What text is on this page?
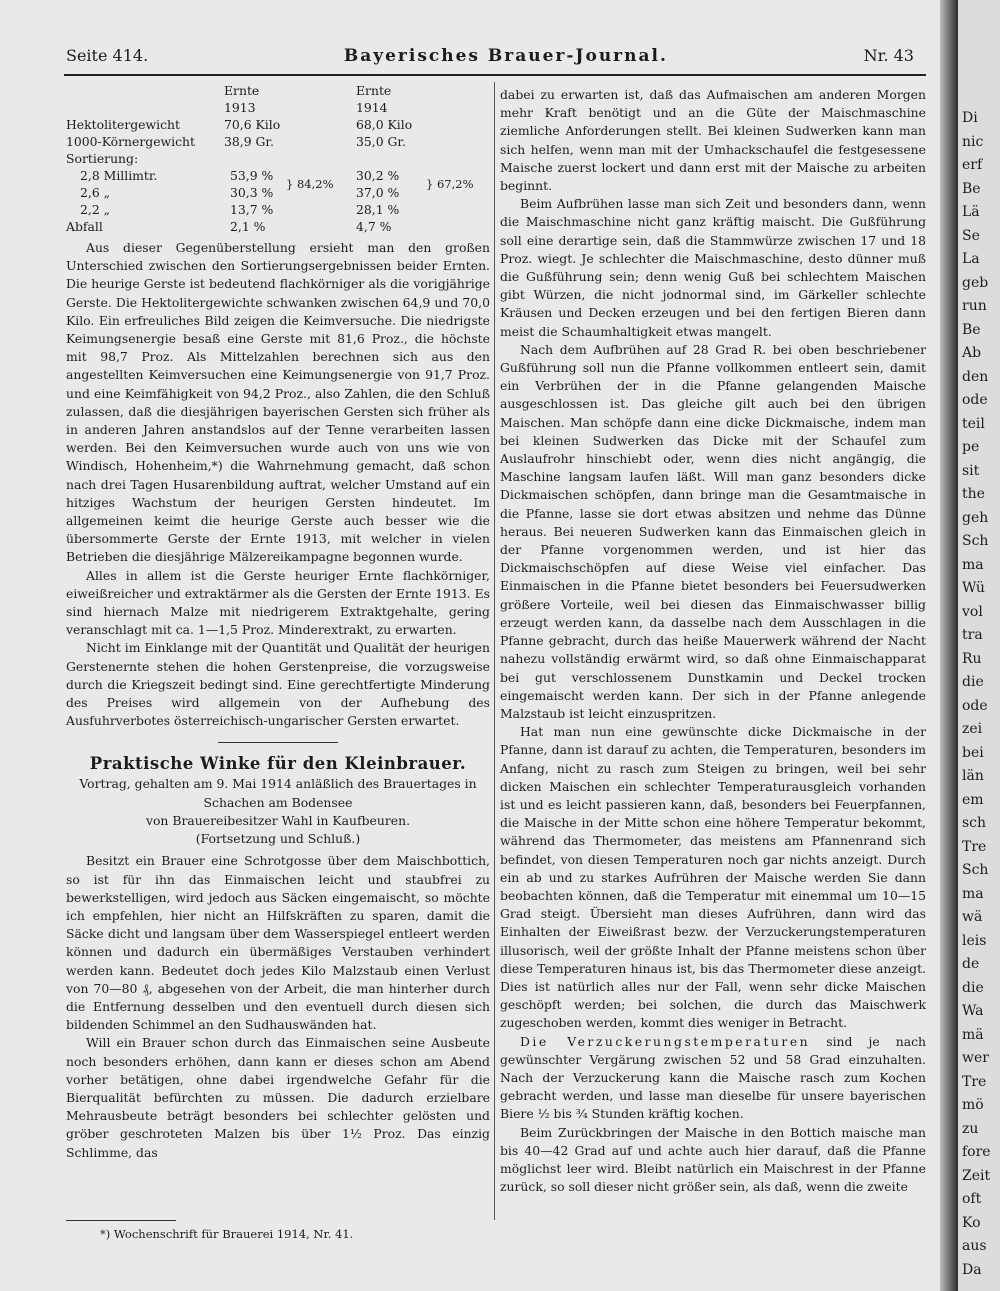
Seite 414.	Bayerisches Brauer-Journal.	Nr. 43
	Ernte 1913		Ernte 1914	
Hektolitergewicht	70,6 Kilo		68,0 Kilo	
1000-Körnergewicht	38,9 Gr.		35,0 Gr.	
Sortierung:				
2,8 Millimtr.	53,9 %	} 84,2%	30,2 %	} 67,2%
2,6 „	30,3 %		37,0 %	
2,2 „	13,7 %		28,1 %	
Abfall	2,1 %		4,7 %	

Aus dieser Gegenüberstellung ersieht man den großen Unterschied zwischen den Sortierungsergebnissen beider Ernten. Die heurige Gerste ist bedeutend flachkörniger als die vorigjährige Gerste. Die Hektolitergewichte schwanken zwischen 64,9 und 70,0 Kilo. Ein erfreuliches Bild zeigen die Keimversuche. Die niedrigste Keimungsenergie besaß eine Gerste mit 81,6 Proz., die höchste mit 98,7 Proz. Als Mittelzahlen berechnen sich aus den angestellten Keimversuchen eine Keimungsenergie von 91,7 Proz. und eine Keimfähigkeit von 94,2 Proz., also Zahlen, die den Schluß zulassen, daß die diesjährigen bayerischen Gersten sich früher als in anderen Jahren anstandslos auf der Tenne verarbeiten lassen werden. Bei den Keimversuchen wurde auch von uns wie von Windisch, Hohenheim,*) die Wahrnehmung gemacht, daß schon nach drei Tagen Husarenbildung auftrat, welcher Umstand auf ein hitziges Wachstum der heurigen Gersten hindeutet. Im allgemeinen keimt die heurige Gerste auch besser wie die übersommerte Gerste der Ernte 1913, mit welcher in vielen Betrieben die diesjährige Mälzereikampagne begonnen wurde.

Alles in allem ist die Gerste heuriger Ernte flachkörniger, eiweißreicher und extraktärmer als die Gersten der Ernte 1913. Es sind hiernach Malze mit niedrigerem Extraktgehalte, gering veranschlagt mit ca. 1—1,5 Proz. Minderextrakt, zu erwarten.

Nicht im Einklange mit der Quantität und Qualität der heurigen Gerstenernte stehen die hohen Gerstenpreise, die vorzugsweise durch die Kriegszeit bedingt sind. Eine gerechtfertigte Minderung des Preises wird allgemein von der Aufhebung des Ausfuhrverbotes österreichisch-ungarischer Gersten erwartet.

Praktische Winke für den Kleinbrauer.
Vortrag, gehalten am 9. Mai 1914 anläßlich des Brauertages in Schachen am Bodensee
von Brauereibesitzer Wahl in Kaufbeuren.
(Fortsetzung und Schluß.)

Besitzt ein Brauer eine Schrotgosse über dem Maischbottich, so ist für ihn das Einmaischen leicht und staubfrei zu bewerkstelligen, wird jedoch aus Säcken eingemaischt, so möchte ich empfehlen, hier nicht an Hilfskräften zu sparen, damit die Säcke dicht und langsam über dem Wasserspiegel entleert werden können und dadurch ein übermäßiges Verstauben verhindert werden kann. Bedeutet doch jedes Kilo Malzstaub einen Verlust von 70—80 ₰, abgesehen von der Arbeit, die man hinterher durch die Entfernung desselben und den eventuell durch diesen sich bildenden Schimmel an den Sudhauswänden hat.

Will ein Brauer schon durch das Einmaischen seine Ausbeute noch besonders erhöhen, dann kann er dieses schon am Abend vorher betätigen, ohne dabei irgendwelche Gefahr für die Bierqualität befürchten zu müssen. Die dadurch erzielbare Mehrausbeute beträgt besonders bei schlechter gelösten und gröber geschroteten Malzen bis über 1½ Proz. Das einzig Schlimme, das

dabei zu erwarten ist, daß das Aufmaischen am anderen Morgen mehr Kraft benötigt und an die Güte der Maischmaschine ziemliche Anforderungen stellt. Bei kleinen Sudwerken kann man sich helfen, wenn man mit der Umhackschaufel die festgesessene Maische zuerst lockert und dann erst mit der Maische zu arbeiten beginnt.

Beim Aufbrühen lasse man sich Zeit und besonders dann, wenn die Maischmaschine nicht ganz kräftig maischt. Die Gußführung soll eine derartige sein, daß die Stammwürze zwischen 17 und 18 Proz. wiegt. Je schlechter die Maischmaschine, desto dünner muß die Gußführung sein; denn wenig Guß bei schlechtem Maischen gibt Würzen, die nicht jodnormal sind, im Gärkeller schlechte Kräusen und Decken erzeugen und bei den fertigen Bieren dann meist die Schaumhaltigkeit etwas mangelt.

Nach dem Aufbrühen auf 28 Grad R. bei oben beschriebener Gußführung soll nun die Pfanne vollkommen entleert sein, damit ein Verbrühen der in die Pfanne gelangenden Maische ausgeschlossen ist. Das gleiche gilt auch bei den übrigen Maischen. Man schöpfe dann eine dicke Dickmaische, indem man bei kleinen Sudwerken das Dicke mit der Schaufel zum Auslaufrohr hinschiebt oder, wenn dies nicht angängig, die Maschine langsam laufen läßt. Will man ganz besonders dicke Dickmaischen schöpfen, dann bringe man die Gesamtmaische in die Pfanne, lasse sie dort etwas absitzen und nehme das Dünne heraus. Bei neueren Sudwerken kann das Einmaischen gleich in der Pfanne vorgenommen werden, und ist hier das Dickmaischschöpfen auf diese Weise viel einfacher. Das Einmaischen in die Pfanne bietet besonders bei Feuersudwerken größere Vorteile, weil bei diesen das Einmaischwasser billig erzeugt werden kann, da dasselbe nach dem Ausschlagen in die Pfanne gebracht, durch das heiße Mauerwerk während der Nacht nahezu vollständig erwärmt wird, so daß ohne Einmaischapparat bei gut verschlossenem Dunstkamin und Deckel trocken eingemaischt werden kann. Der sich in der Pfanne anlegende Malzstaub ist leicht einzuspritzen.

Hat man nun eine gewünschte dicke Dickmaische in der Pfanne, dann ist darauf zu achten, die Temperaturen, besonders im Anfang, nicht zu rasch zum Steigen zu bringen, weil bei sehr dicken Maischen ein schlechter Temperaturausgleich vorhanden ist und es leicht passieren kann, daß, besonders bei Feuerpfannen, die Maische in der Mitte schon eine höhere Temperatur bekommt, während das Thermometer, das meistens am Pfannenrand sich befindet, von diesen Temperaturen noch gar nichts anzeigt. Durch ein ab und zu starkes Aufrühren der Maische werden Sie dann beobachten können, daß die Temperatur mit einemmal um 10—15 Grad steigt. Übersieht man dieses Aufrühren, dann wird das Einhalten der Eiweißrast bezw. der Verzuckerungstemperaturen illusorisch, weil der größte Inhalt der Pfanne meistens schon über diese Temperaturen hinaus ist, bis das Thermometer diese anzeigt. Dies ist natürlich alles nur der Fall, wenn sehr dicke Maischen geschöpft werden; bei solchen, die durch das Maischwerk zugeschoben werden, kommt dies weniger in Betracht.

Die Verzuckerungstemperaturen sind je nach gewünschter Vergärung zwischen 52 und 58 Grad einzuhalten. Nach der Verzuckerung kann die Maische rasch zum Kochen gebracht werden, und lasse man dieselbe für unsere bayerischen Biere ½ bis ¾ Stunden kräftig kochen.

Beim Zurückbringen der Maische in den Bottich maische man bis 40—42 Grad auf und achte auch hier darauf, daß die Pfanne möglichst leer wird. Bleibt natürlich ein Maischrest in der Pfanne zurück, so soll dieser nicht größer sein, als daß, wenn die zweite

*) Wochenschrift für Brauerei 1914, Nr. 41.
Di
nic
erf
Be
Lä
Se
La
geb
run
Be
Ab
den
ode
teil
pe
sit
the
geh
Sch
ma
Wü
vol
tra
Ru
die
ode
zei
bei
län
em
sch
Tre
Sch
ma
wä
leis
de
die
Wa
mä
wer
Tre
mö
zu
fore
Zeit
oft
Ko
aus
Da
